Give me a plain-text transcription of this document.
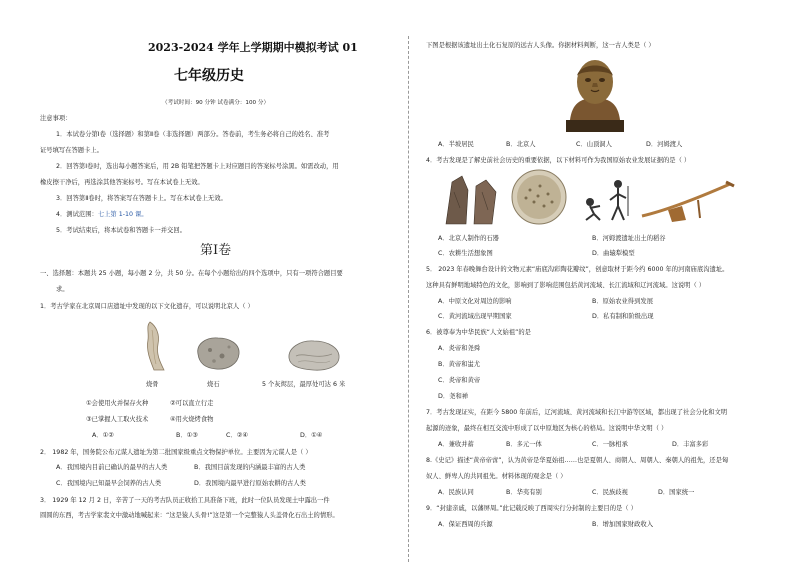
2023-2024 学年上学期期中模拟考试 01
七年级历史
（考试时间：90 分钟 试卷满分：100 分）
注意事项：
1．本试卷分第Ⅰ卷（选择题）和第Ⅱ卷（非选择题）两部分。答卷前，考生务必将自己的姓名、准考
证号填写在答题卡上。
2．回答第Ⅰ卷时，选出每小题答案后，用 2B 铅笔把答题卡上对应题目的答案标号涂黑。如需改动，用
橡皮擦干净后，再选涂其他答案标号。写在本试卷上无效。
3．回答第Ⅱ卷时，将答案写在答题卡上。写在本试卷上无效。
4．测试范围：七上第 1-10 课。
5．考试结束后，将本试卷和答题卡一并交回。
第Ⅰ卷
一、选择题：本题共 25 小题，每小题 2 分，共 50 分。在每个小题给出的四个选项中，只有一项符合题目要
求。
1．考古学家在北京周口店遗址中发现的以下文化遗存，可以说明北京人（ ）
烧骨	烧石	5 个灰烬层，最厚处可达 6 米
①会使用火并保存火种	②可以直立行走
③已掌握人工取火技术	④用火烧烤食物
A．①②	B．①③	C．②④	D．①④
2． 1982 年，国务院公布元谋人遗址为第二批国家级重点文物保护单位。主要因为元谋人是（ ）
A．我国境内目前已确认的最早的古人类	B．我国目前发现的内涵最丰富的古人类
C．我国境内已知最早会饲养的古人类	D．我国境内最早进行原始农耕的古人类
3． 1929 年 12 月 2 日，辛苦了一天的考古队员正收拾工具准备下班，此时一位队员发现土中露出一件
圆圆的东西，考古学家裴文中激动地喊起来：“这是猿人头骨!”这是第一个完整猿人头盖骨化石出土的情形。
下图是根据该遗址出土化石复原的远古人头像。你据材料判断，这一古人类是（ ）
A．半坡居民	B．北京人	C．山顶洞人	D．河姆渡人
4．考古发现是了解史前社会历史的重要依据，以下材料可作为我国原始农业发展证据的是（ ）
A．北京人制作的石器	B．河姆渡遗址出土的稻谷
C．农耕生活想象图	D．曲辕犁模型
5． 2023 年春晚舞台设计的文物元素“庙底沟彩陶花瓣纹”，创意取材于距今约 6000 年的河南庙底沟遗址。
这种具有鲜明地域特色的文化，影响到了影响范围包括黄河流域、长江流域和辽河流域。这说明（ ）
A．中原文化对周边的影响	B．原始农业得到发展
C．黄河流域出现早期国家	D．私有制和阶级出现
6．被尊奉为中华民族“人文始祖”的是
A．炎帝和尧舜
B．黄帝和蚩尤
C．炎帝和黄帝
D．尧和禅
7．考古发现证实，在距今 5800 年前后，辽河流域、黄河流域和长江中游等区域，都出现了社会分化和文明
起源的迹象，最终在相互交流中形成了以中原地区为核心的格局。这说明中华文明（ ）
A．兼收并蓄	B．多元一体	C．一脉相承	D．丰富多彩
8.《史记》描述“黄帝帝啻”，认为黄帝是华夏始祖……也是夏朝人、商朝人、周朝人、秦朝人的祖先，还是匈
奴人、鲜卑人的共同祖先。材料体现的观念是（ ）
A．民族认同	B．华夷有别	C．民族歧视	D．国家统一
9．“封建亲戚，以藩屏周。”此记载反映了西周实行分封制的主要目的是（ ）
A．保证西周的兵源	B．增加国家财政收入
